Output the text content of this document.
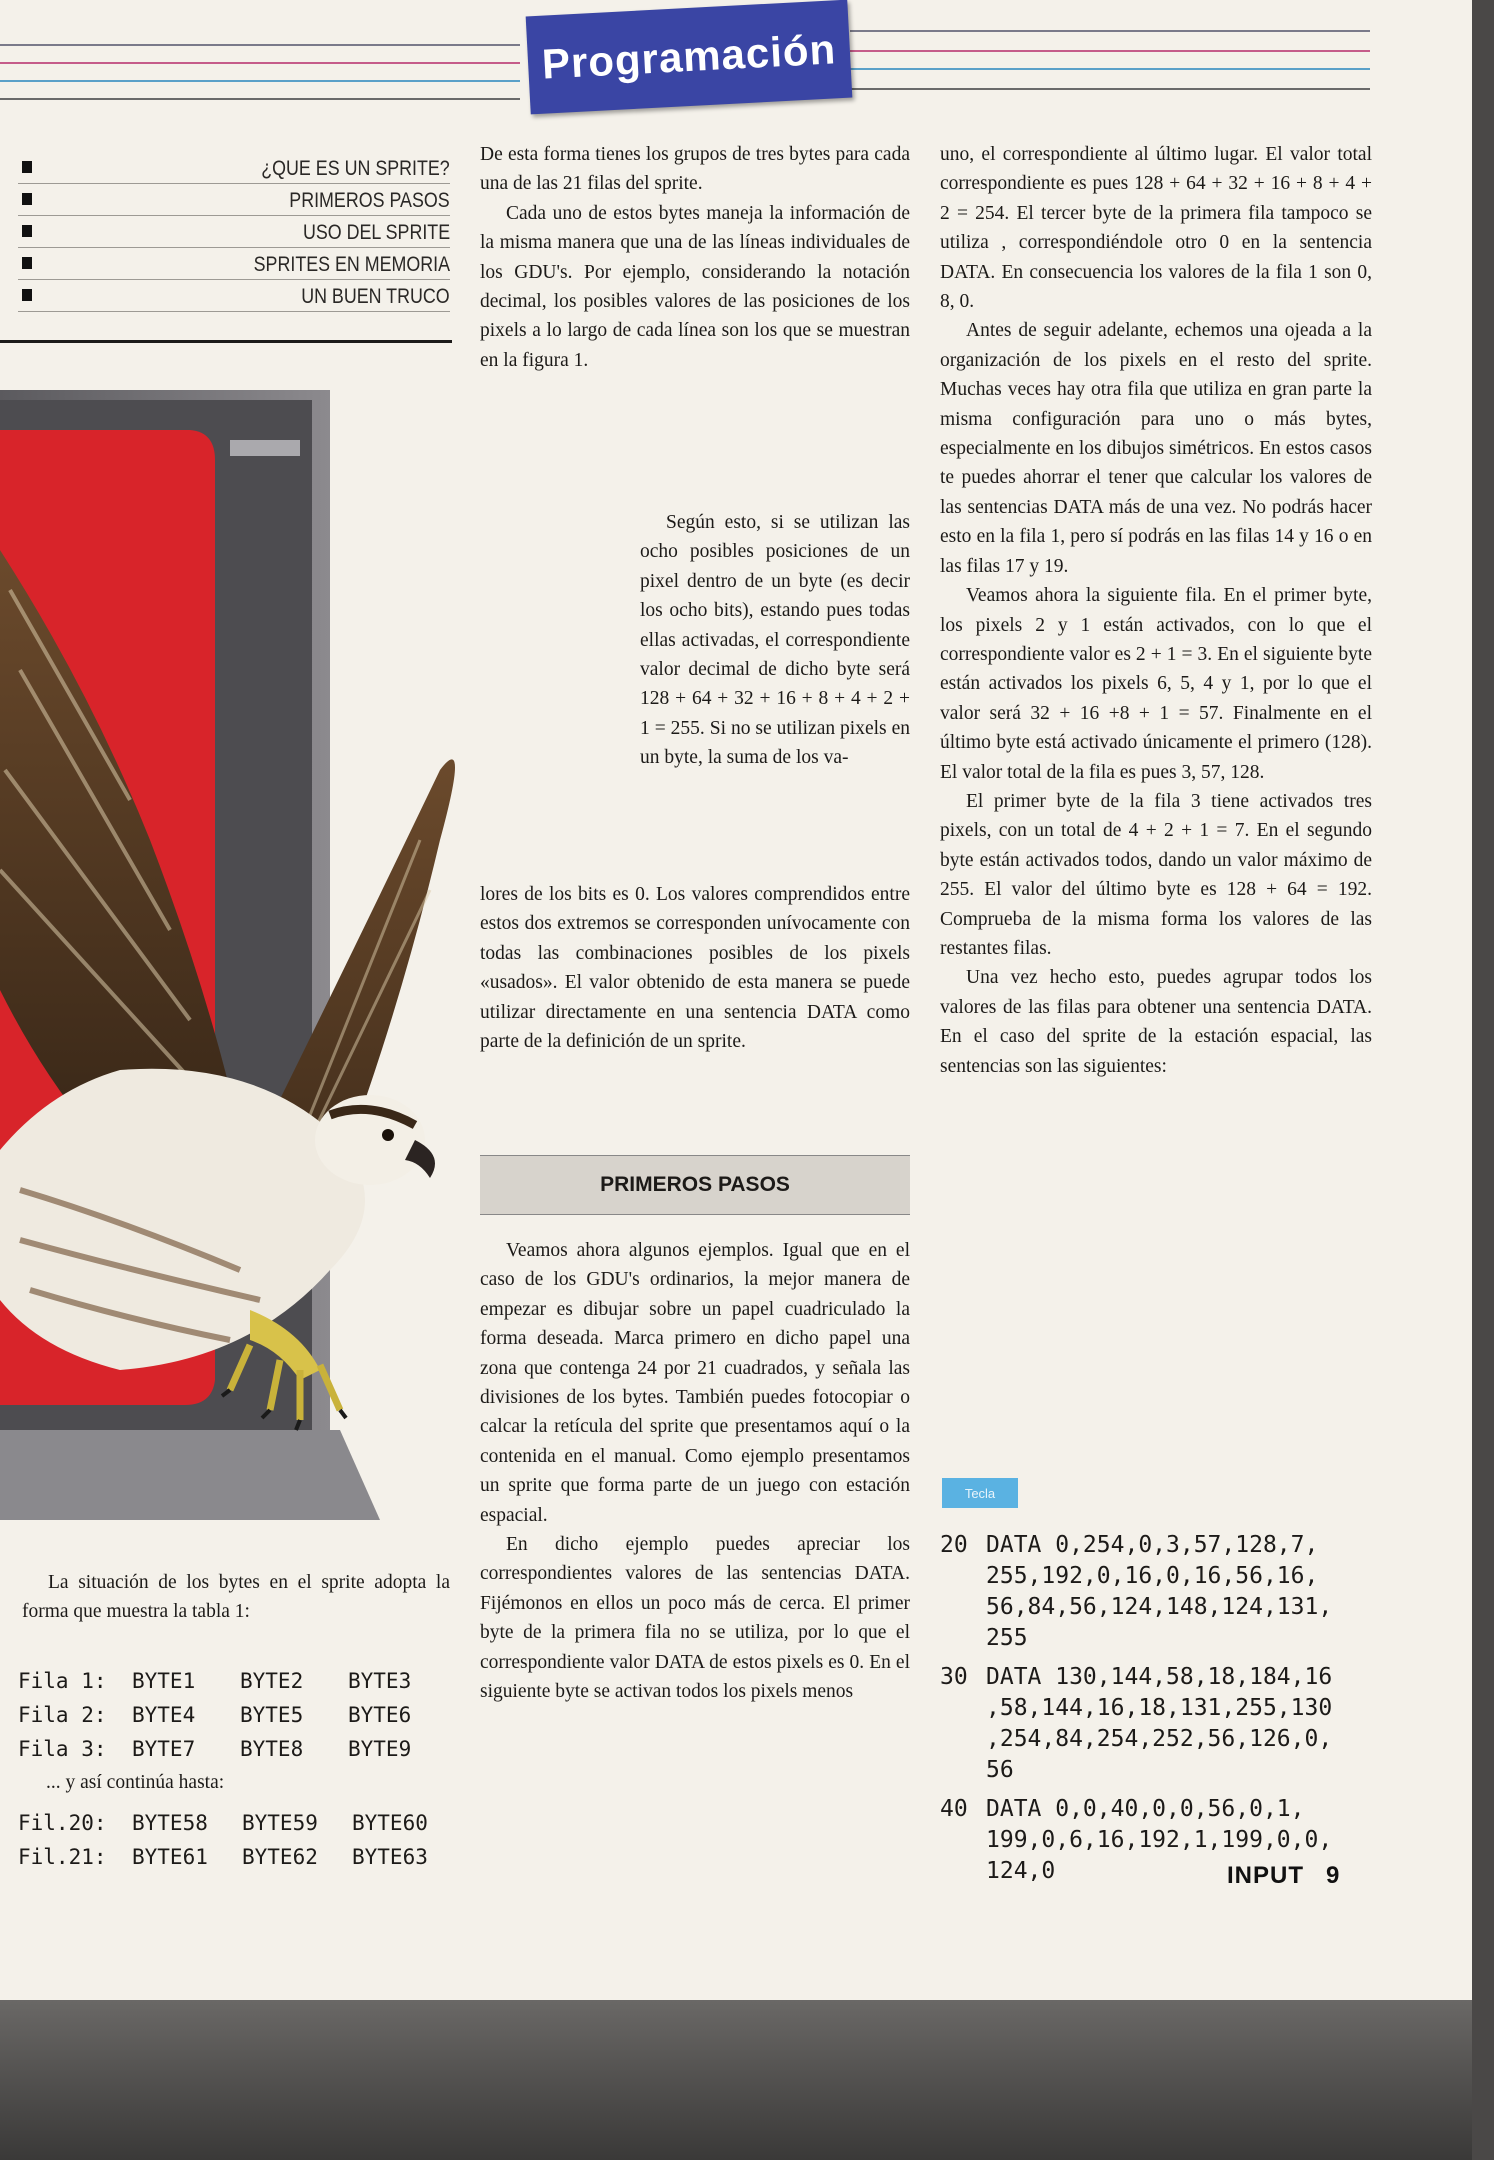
Programación
¿QUE ES UN SPRITE?
PRIMEROS PASOS
USO DEL SPRITE
SPRITES EN MEMORIA
UN BUEN TRUCO

La situación de los bytes en el sprite adopta la forma que muestra la tabla 1:

Fila 1: BYTE1 BYTE2 BYTE3
Fila 2: BYTE4 BYTE5 BYTE6
Fila 3: BYTE7 BYTE8 BYTE9

... y así continúa hasta:

Fil.20: BYTE58 BYTE59 BYTE60
Fil.21: BYTE61 BYTE62 BYTE63

De esta forma tienes los grupos de tres bytes para cada una de las 21 filas del sprite.

Cada uno de estos bytes maneja la información de la misma manera que una de las líneas individuales de los GDU's. Por ejemplo, considerando la notación decimal, los posibles valores de las posiciones de los pixels a lo largo de cada línea son los que se muestran en la figura 1.

Según esto, si se utilizan las ocho posibles posiciones de un pixel dentro de un byte (es decir los ocho bits), estando pues todas ellas activadas, el correspondiente valor decimal de dicho byte será 128 + 64 + 32 + 16 + 8 + 4 + 2 + 1 = 255. Si no se utilizan pixels en un byte, la suma de los va-

lores de los bits es 0. Los valores comprendidos entre estos dos extremos se corresponden unívocamente con todas las combinaciones posibles de los pixels «usados». El valor obtenido de esta manera se puede utilizar directamente en una sentencia DATA como parte de la definición de un sprite.

PRIMEROS PASOS

Veamos ahora algunos ejemplos. Igual que en el caso de los GDU's ordinarios, la mejor manera de empezar es dibujar sobre un papel cuadriculado la forma deseada. Marca primero en dicho papel una zona que contenga 24 por 21 cuadrados, y señala las divisiones de los bytes. También puedes fotocopiar o calcar la retícula del sprite que presentamos aquí o la contenida en el manual. Como ejemplo presentamos un sprite que forma parte de un juego con estación espacial.

En dicho ejemplo puedes apreciar los correspondientes valores de las sentencias DATA. Fijémonos en ellos un poco más de cerca. El primer byte de la primera fila no se utiliza, por lo que el correspondiente valor DATA de estos pixels es 0. En el siguiente byte se activan todos los pixels menos

uno, el correspondiente al último lugar. El valor total correspondiente es pues 128 + 64 + 32 + 16 + 8 + 4 + 2 = 254. El tercer byte de la primera fila tampoco se utiliza , correspondiéndole otro 0 en la sentencia DATA. En consecuencia los valores de la fila 1 son 0, 8, 0.

Antes de seguir adelante, echemos una ojeada a la organización de los pixels en el resto del sprite. Muchas veces hay otra fila que utiliza en gran parte la misma configuración para uno o más bytes, especialmente en los dibujos simétricos. En estos casos te puedes ahorrar el tener que calcular los valores de las sentencias DATA más de una vez. No podrás hacer esto en la fila 1, pero sí podrás en las filas 14 y 16 o en las filas 17 y 19.

Veamos ahora la siguiente fila. En el primer byte, los pixels 2 y 1 están activados, con lo que el correspondiente valor es 2 + 1 = 3. En el siguiente byte están activados los pixels 6, 5, 4 y 1, por lo que el valor será 32 + 16 +8 + 1 = 57. Finalmente en el último byte está activado únicamente el primero (128). El valor total de la fila es pues 3, 57, 128.

El primer byte de la fila 3 tiene activados tres pixels, con un total de 4 + 2 + 1 = 7. En el segundo byte están activados todos, dando un valor máximo de 255. El valor del último byte es 128 + 64 = 192. Comprueba de la misma forma los valores de las restantes filas.

Una vez hecho esto, puedes agrupar todos los valores de las filas para obtener una sentencia DATA. En el caso del sprite de la estación espacial, las sentencias son las siguientes:

Tecla
20 DATA 0,254,0,3,57,128,7,
255,192,0,16,0,16,56,16,
56,84,56,124,148,124,131,
255
30 DATA 130,144,58,18,184,16
,58,144,16,18,131,255,130
,254,84,254,252,56,126,0,
56
40 DATA 0,0,40,0,0,56,0,1,
199,0,6,16,192,1,199,0,0,
124,0	INPUT 9
